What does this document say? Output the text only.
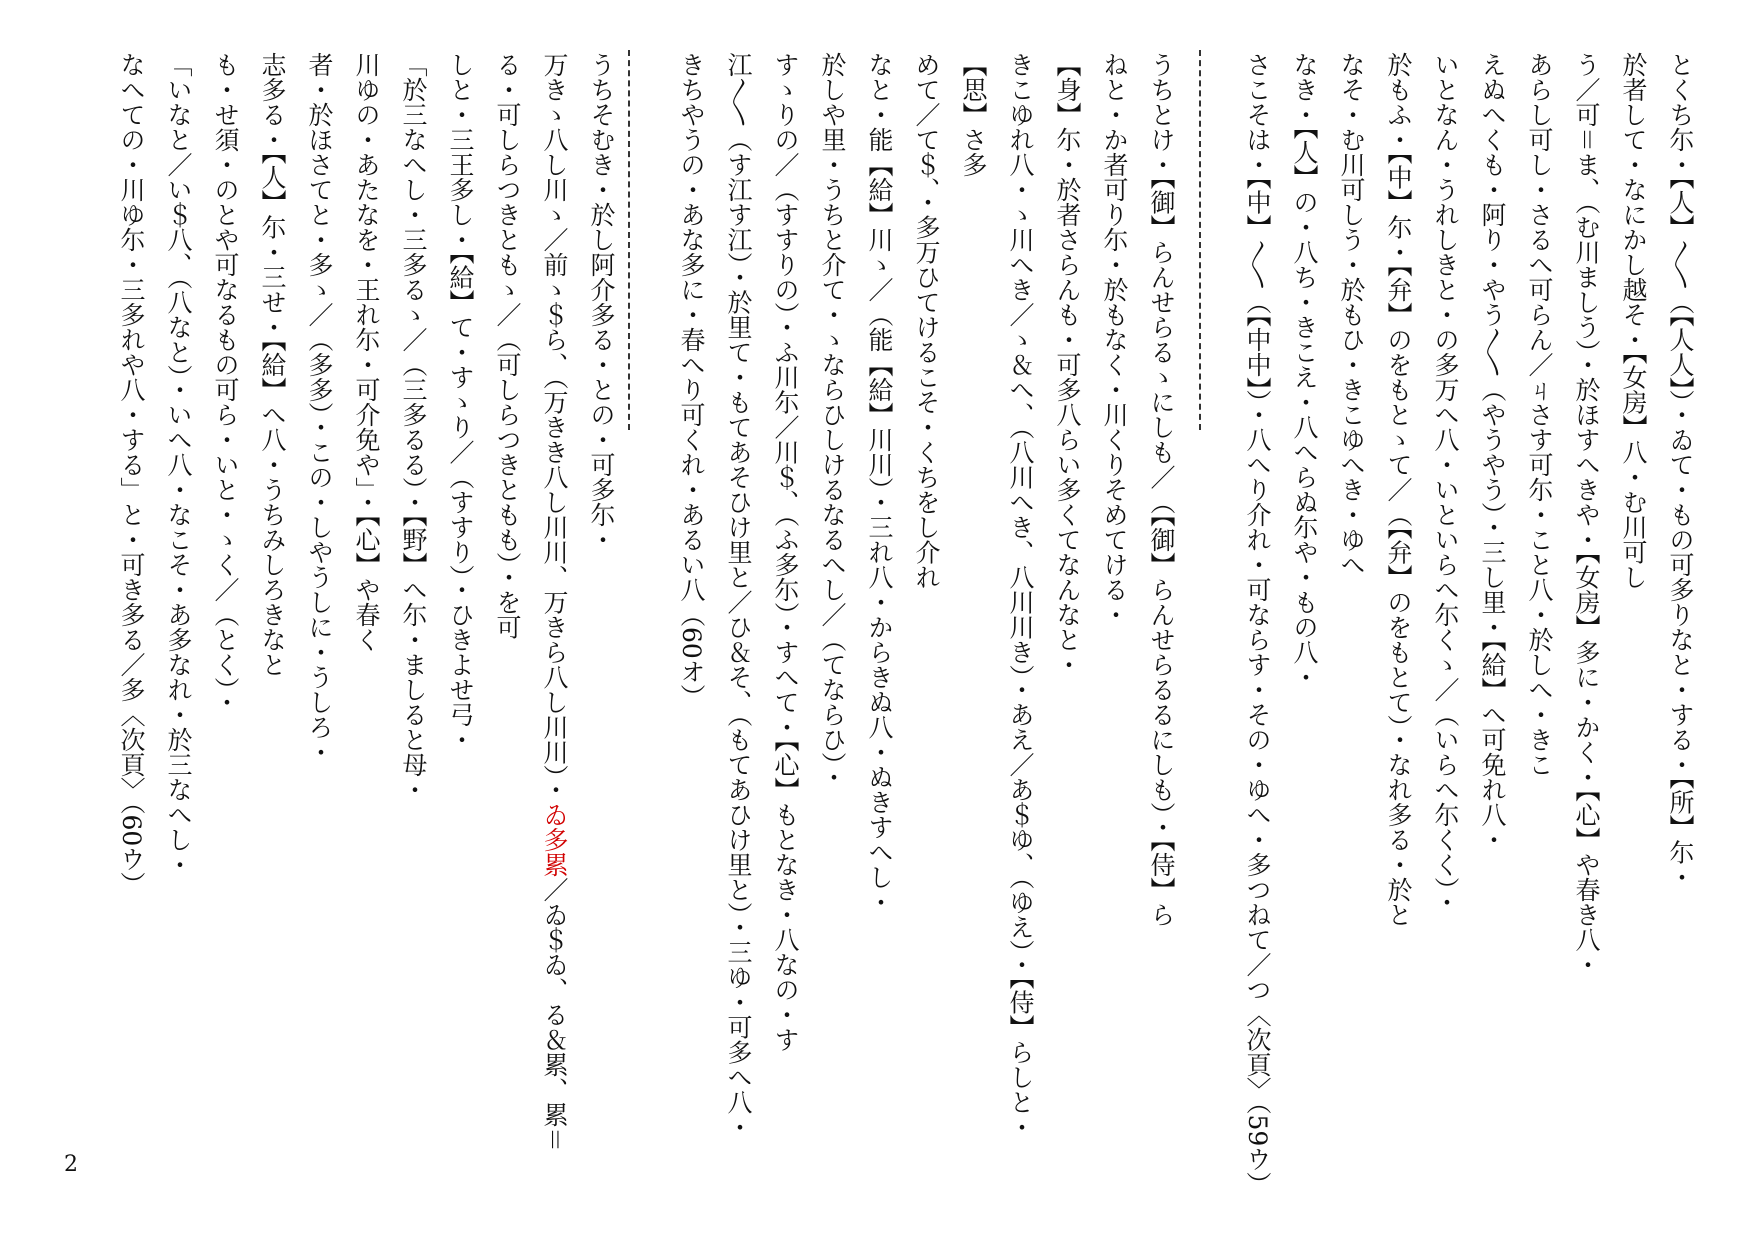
とくち尓・【人】〳〵（【人人】）・ゐて・もの可多りなと・する・【所】尓・
於者して・なにかし越そ・【女房】八・む川可し
う／可＝ま、（む川ましう）・於ほすへきや・【女房】多に・かく・【心】や春き八・
あらし可し・さるへ可らん／ㄐさす可尓・こと八・於しへ・きこ
えぬへくも・阿り・やう〳〵（やうやう）・三し里・【給】へ可免れ八・
いとなん・うれしきと・の多万へ八・いといらへ尓くゝ／（いらへ尓くく）・
於もふ・【中】尓・【弁】のをもとゝて／（【弁】のをもとて）・なれ多る・於と
なそ・む川可しう・於もひ・きこゆへき・ゆへ
なき・【人】の・八ち・きこえ・八へらぬ尓や・もの八・
さこそは・【中】〳〵（【中中】）・八へり介れ・可ならす・その・ゆへ・多つねて／つ〈次頁〉（59ウ）
うちとけ・【御】らんせらるゝにしも／（【御】らんせらるるにしも）・【侍】ら
ねと・か者可り尓・於もなく・川くりそめてける・
【身】尓・於者さらんも・可多八らい多くてなんなと・
きこゆれ八・ゝ川へき／ゝ＆へ、（八川へき、八川川き）・あえ／あ＄ゆ、（ゆえ）・【侍】らしと・
【思】さ多
めて／て＄、・多万ひてけるこそ・くちをし介れ
なと・能【給】川ゝ／（能【給】川川）・三れ八・からきぬ八・ぬきすへし・
於しや里・うちと介て・ゝならひしけるなるへし／（てならひ）・
すゝりの／（すすりの）・ふ川尓／川＄、（ふ多尓）・すへて・【心】もとなき・八なの・す
江〳〵（す江す江）・於里て・もてあそひけ里と／ひ＆そ、（もてあひけ里と）・三ゆ・可多へ八・
きちやうの・あな多に・春へり可くれ・あるい八（60オ）
うちそむき・於し阿介多る・との・可多尓・
万きゝ八し川ゝ／前ゝ＄ら、（万きき八し川川、万きら八し川川）・ゐ多累／ゐ＄ゐ、る＆累、累＝
る・可しらつきともゝ／（可しらつきともも）・を可
しと・三王多し・【給】て・すゝり／（すすり）・ひきよせ弓・
「於三なへし・三多るゝ／（三多るる）・【野】へ尓・ましると母・
川ゆの・あたなを・王れ尓・可介免や」・【心】や春く
者・於ほさてと・多ゝ／（多多）・この・しやうしに・うしろ・
志多る・【人】尓・三せ・【給】へ八・うちみしろきなと
も・せ須・のとや可なるもの可ら・いと・ゝく／（とく）・
「いなと／い＄八、（八なと）・いへ八・なこそ・あ多なれ・於三なへし・
なへての・川ゆ尓・三多れや八・する」と・可き多る／多〈次頁〉（60ウ）
2
